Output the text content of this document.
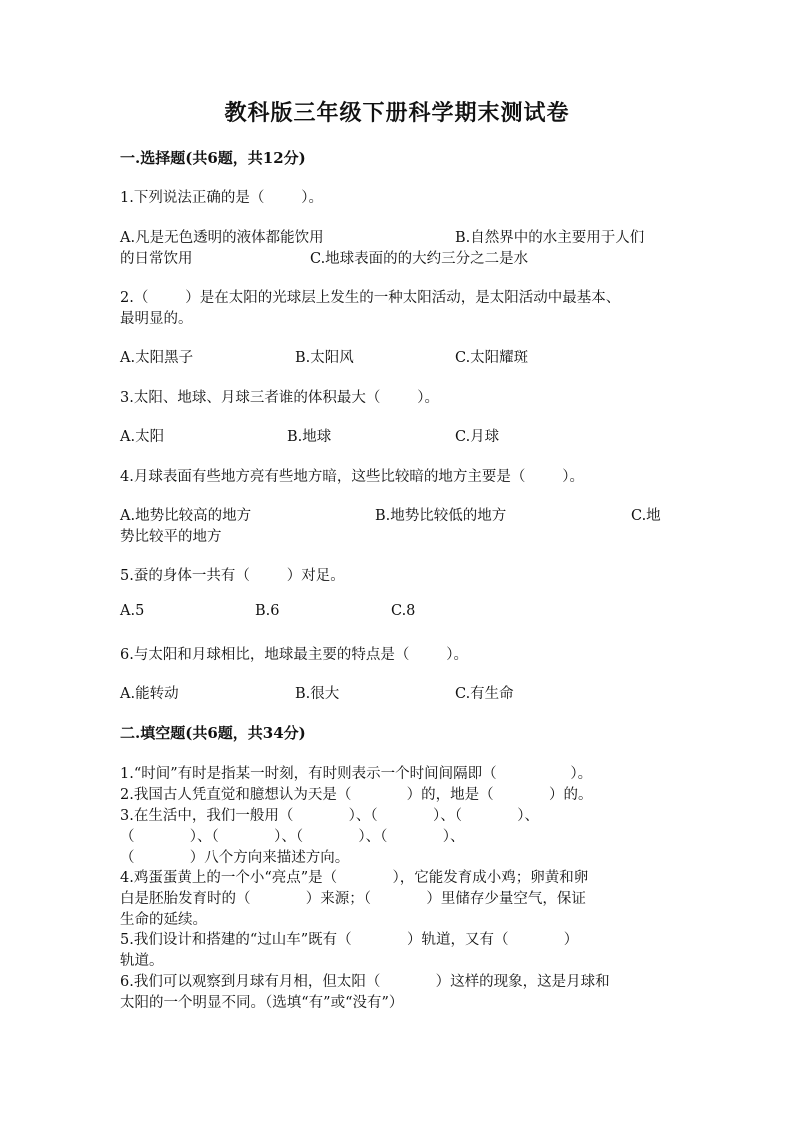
教科版三年级下册科学期末测试卷
一.选择题(共6题，共12分)
1.下列说法正确的是（        ）。
A.凡是无色透明的液体都能饮用	B.自然界中的水主要用于人们
的日常饮用	C.地球表面的的大约三分之二是水
2.（        ）是在太阳的光球层上发生的一种太阳活动，是太阳活动中最基本、
最明显的。
A.太阳黑子	B.太阳风	C.太阳耀斑
3.太阳、地球、月球三者谁的体积最大（        ）。
A.太阳	B.地球	C.月球
4.月球表面有些地方亮有些地方暗，这些比较暗的地方主要是（        ）。
A.地势比较高的地方	B.地势比较低的地方	C.地
势比较平的地方
5.蚕的身体一共有（        ）对足。
A.5	B.6	C.8
6.与太阳和月球相比，地球最主要的特点是（        ）。
A.能转动	B.很大	C.有生命
二.填空题(共6题，共34分)
1.“时间”有时是指某一时刻，有时则表示一个时间间隔即（                ）。
2.我国古人凭直觉和臆想认为天是（            ）的，地是（            ）的。
3.在生活中，我们一般用（            ）、（            ）、（            ）、
（            ）、（            ）、（            ）、（            ）、
（            ）八个方向来描述方向。
4.鸡蛋蛋黄上的一个小“亮点”是（            ），它能发育成小鸡；卵黄和卵
白是胚胎发育时的（            ）来源；（            ）里储存少量空气，保证
生命的延续。
5.我们设计和搭建的“过山车”既有（            ）轨道，又有（            ）
轨道。
6.我们可以观察到月球有月相，但太阳（            ）这样的现象，这是月球和
太阳的一个明显不同。（选填“有”或“没有”）
